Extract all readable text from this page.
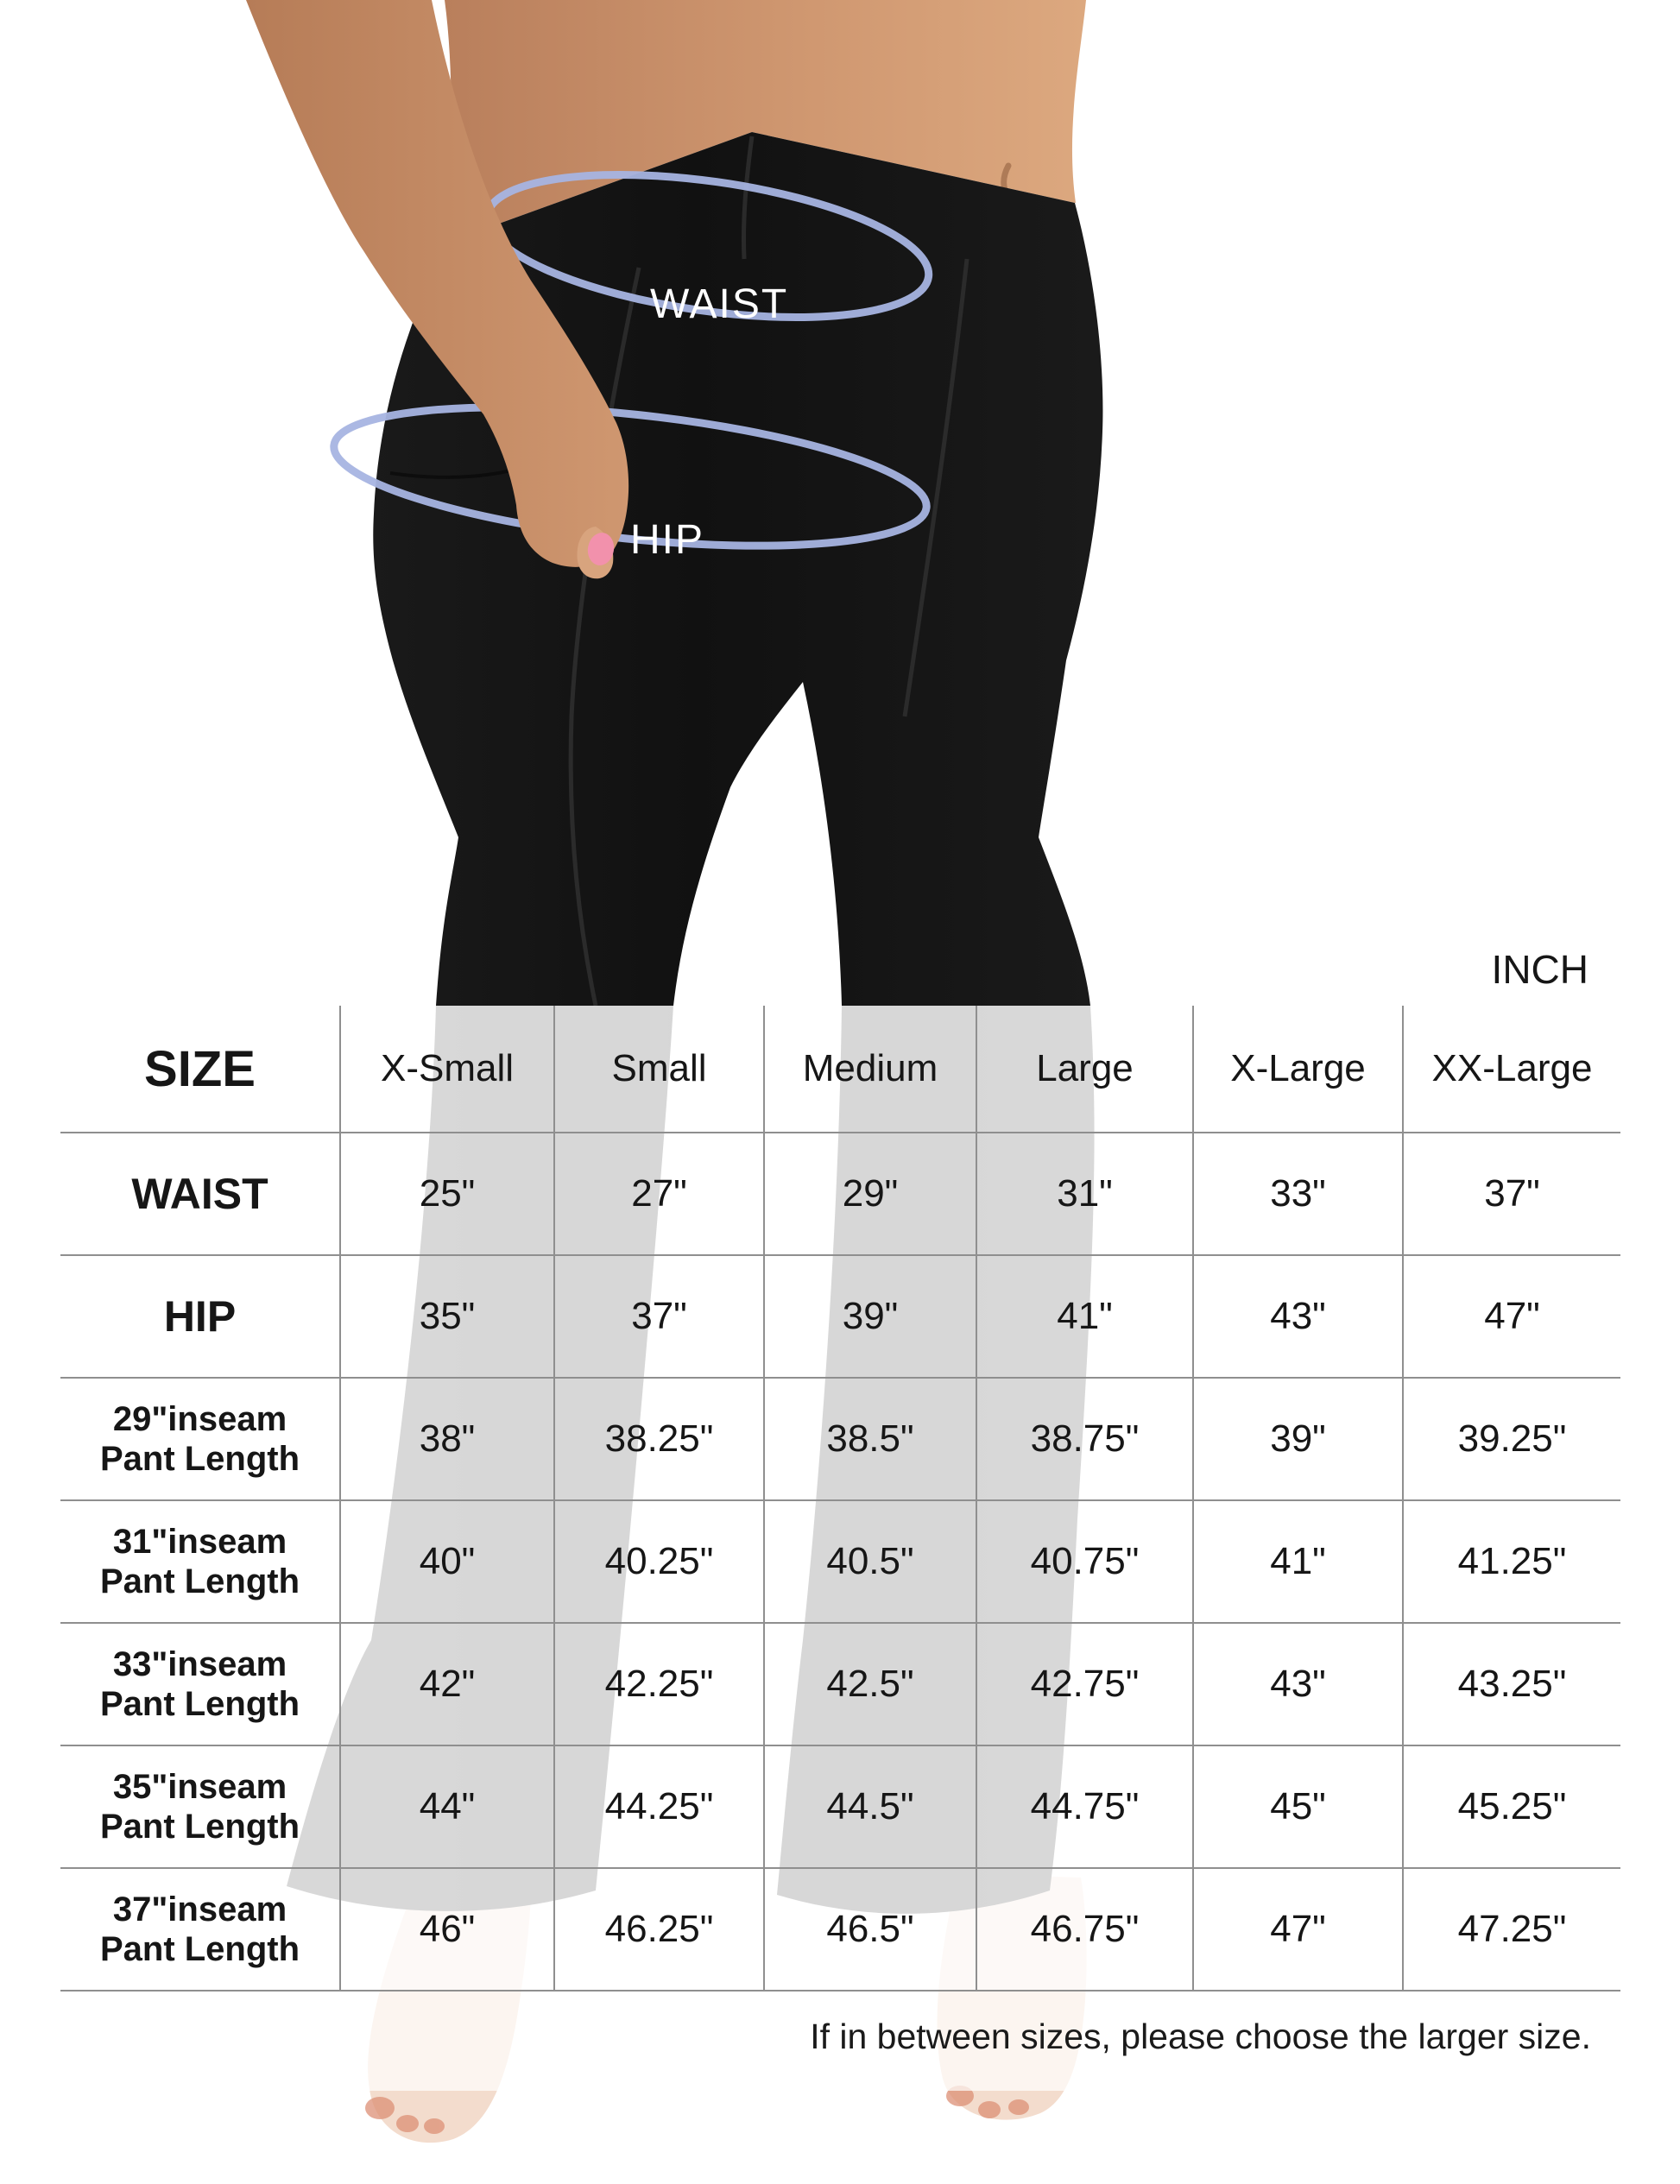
WAIST
HIP
INCH
SIZE	X-Small	Small	Medium	Large	X-Large	XX-Large
WAIST	25"	27"	29"	31"	33"	37"
HIP	35"	37"	39"	41"	43"	47"
29"inseam
Pant Length	38"	38.25"	38.5"	38.75"	39"	39.25"
31"inseam
Pant Length	40"	40.25"	40.5"	40.75"	41"	41.25"
33"inseam
Pant Length	42"	42.25"	42.5"	42.75"	43"	43.25"
35"inseam
Pant Length	44"	44.25"	44.5"	44.75"	45"	45.25"
37"inseam
Pant Length	46"	46.25"	46.5"	46.75"	47"	47.25"
If in between sizes, please choose the larger size.
